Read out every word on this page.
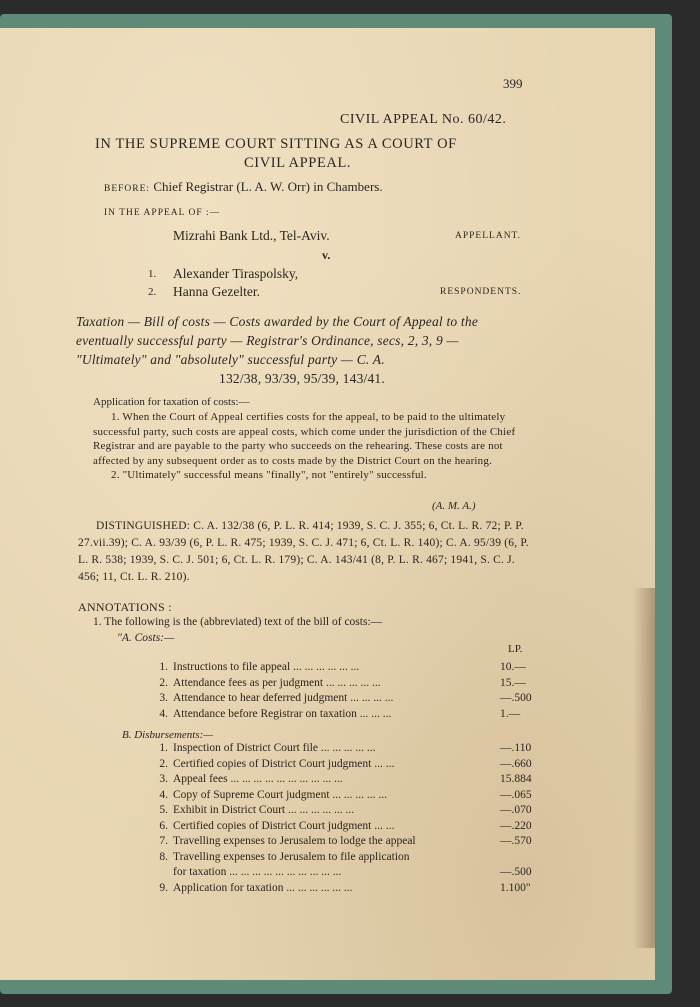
399
CIVIL APPEAL No. 60/42.
IN THE SUPREME COURT SITTING AS A COURT OF
CIVIL APPEAL.
BEFORE: Chief Registrar (L. A. W. Orr) in Chambers.
IN THE APPEAL OF :—
Mizrahi Bank Ltd., Tel-Aviv.	APPELLANT.
v.
1. Alexander Tiraspolsky,
2. Hanna Gezelter.	RESPONDENTS.
Taxation — Bill of costs — Costs awarded by the Court of Appeal to the eventually successful party — Registrar's Ordinance, secs, 2, 3, 9 — "Ultimately" and "absolutely" successful party — C. A.
132/38, 93/39, 95/39, 143/41.
Application for taxation of costs:—

1. When the Court of Appeal certifies costs for the appeal, to be paid to the ultimately successful party, such costs are appeal costs, which come under the jurisdiction of the Chief Registrar and are payable to the party who succeeds on the rehearing. These costs are not affected by any subsequent order as to costs made by the District Court on the hearing.

2. "Ultimately" successful means "finally", not "entirely" successful.

(A. M. A.)
DISTINGUISHED: C. A. 132/38 (6, P. L. R. 414; 1939, S. C. J. 355; 6, Ct. L. R. 72; P. P. 27.vii.39); C. A. 93/39 (6, P. L. R. 475; 1939, S. C. J. 471; 6, Ct. L. R. 140); C. A. 95/39 (6, P. L. R. 538; 1939, S. C. J. 501; 6, Ct. L. R. 179); C. A. 143/41 (8, P. L. R. 467; 1941, S. C. J. 456; 11, Ct. L. R. 210).
ANNOTATIONS :
1. The following is the (abbreviated) text of the bill of costs:—
"A. Costs:—
LP.
1. Instructions to file appeal ... ... ... ... ... ...	10.—
2. Attendance fees as per judgment ... ... ... ... ...	15.—
3. Attendance to hear deferred judgment ... ... ... ...	—.500
4. Attendance before Registrar on taxation ... ... ...	1.—
B. Disbursements:—
1. Inspection of District Court file ... ... ... ... ...	—.110
2. Certified copies of District Court judgment ... ...	—.660
3. Appeal fees ... ... ... ... ... ... ... ... ... ...	15.884
4. Copy of Supreme Court judgment ... ... ... ... ...	—.065
5. Exhibit in District Court ... ... ... ... ... ...	—.070
6. Certified copies of District Court judgment ... ...	—.220
7. Travelling expenses to Jerusalem to lodge the appeal	—.570
8. Travelling expenses to Jerusalem to file application
for taxation ... ... ... ... ... ... ... ... ... ...	—.500
9. Application for taxation ... ... ... ... ... ...	1.100"
